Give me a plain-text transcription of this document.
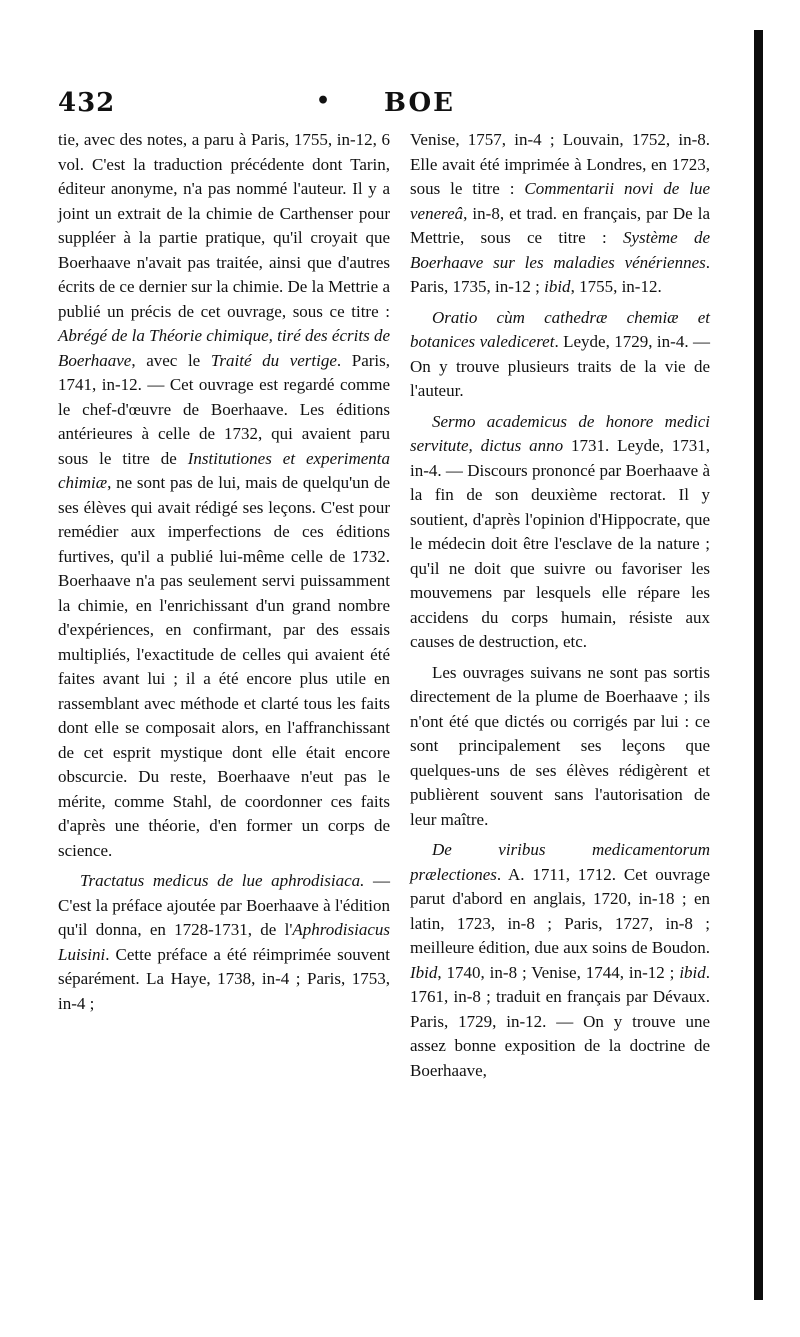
432	• BOE

tie, avec des notes, a paru à Paris, 1755, in-12, 6 vol. C'est la traduction précédente dont Tarin, éditeur anonyme, n'a pas nommé l'auteur. Il y a joint un extrait de la chimie de Carthenser pour suppléer à la partie pratique, qu'il croyait que Boerhaave n'avait pas traitée, ainsi que d'autres écrits de ce dernier sur la chimie. De la Mettrie a publié un précis de cet ouvrage, sous ce titre : Abrégé de la Théorie chimique, tiré des écrits de Boerhaave, avec le Traité du vertige. Paris, 1741, in-12. — Cet ouvrage est regardé comme le chef-d'œuvre de Boerhaave. Les éditions antérieures à celle de 1732, qui avaient paru sous le titre de Institutiones et experimenta chimiæ, ne sont pas de lui, mais de quelqu'un de ses élèves qui avait rédigé ses leçons. C'est pour remédier aux imperfections de ces éditions furtives, qu'il a publié lui-même celle de 1732. Boerhaave n'a pas seulement servi puissamment la chimie, en l'enrichissant d'un grand nombre d'expériences, en confirmant, par des essais multipliés, l'exactitude de celles qui avaient été faites avant lui ; il a été encore plus utile en rassemblant avec méthode et clarté tous les faits dont elle se composait alors, en l'affranchissant de cet esprit mystique dont elle était encore obscurcie. Du reste, Boerhaave n'eut pas le mérite, comme Stahl, de coordonner ces faits d'après une théorie, d'en former un corps de science.

Tractatus medicus de lue aphrodisiaca. — C'est la préface ajoutée par Boerhaave à l'édition qu'il donna, en 1728-1731, de l'Aphrodisiacus Luisini. Cette préface a été réimprimée souvent séparément. La Haye, 1738, in-4 ; Paris, 1753, in-4 ;

Venise, 1757, in-4 ; Louvain, 1752, in-8. Elle avait été imprimée à Londres, en 1723, sous le titre : Commentarii novi de lue venereâ, in-8, et trad. en français, par De la Mettrie, sous ce titre : Système de Boerhaave sur les maladies vénériennes. Paris, 1735, in-12 ; ibid, 1755, in-12.

Oratio cùm cathedræ chemiæ et botanices valediceret. Leyde, 1729, in-4. — On y trouve plusieurs traits de la vie de l'auteur.

Sermo academicus de honore medici servitute, dictus anno 1731. Leyde, 1731, in-4. — Discours prononcé par Boerhaave à la fin de son deuxième rectorat. Il y soutient, d'après l'opinion d'Hippocrate, que le médecin doit être l'esclave de la nature ; qu'il ne doit que suivre ou favoriser les mouvemens par lesquels elle répare les accidens du corps humain, résiste aux causes de destruction, etc.

Les ouvrages suivans ne sont pas sortis directement de la plume de Boerhaave ; ils n'ont été que dictés ou corrigés par lui : ce sont principalement ses leçons que quelques-uns de ses élèves rédigèrent et publièrent souvent sans l'autorisation de leur maître.

De viribus medicamentorum prælectiones. A. 1711, 1712. Cet ouvrage parut d'abord en anglais, 1720, in-18 ; en latin, 1723, in-8 ; Paris, 1727, in-8 ; meilleure édition, due aux soins de Boudon. Ibid, 1740, in-8 ; Venise, 1744, in-12 ; ibid. 1761, in-8 ; traduit en français par Dévaux. Paris, 1729, in-12. — On y trouve une assez bonne exposition de la doctrine de Boerhaave,
